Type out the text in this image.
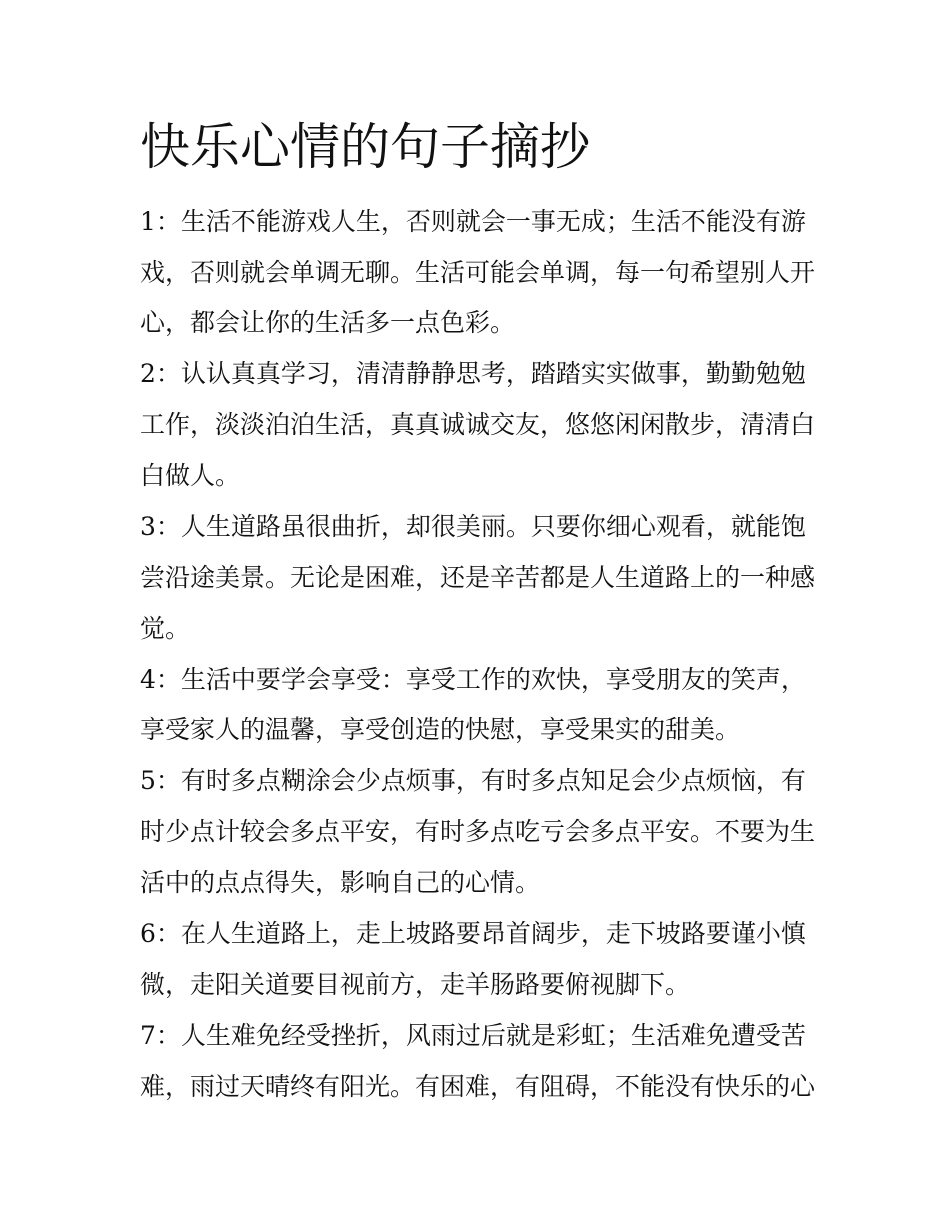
快乐心情的句子摘抄

1：生活不能游戏人生，否则就会一事无成；生活不能没有游

戏，否则就会单调无聊。生活可能会单调，每一句希望别人开

心，都会让你的生活多一点色彩。

2：认认真真学习，清清静静思考，踏踏实实做事，勤勤勉勉

工作，淡淡泊泊生活，真真诚诚交友，悠悠闲闲散步，清清白

白做人。

3：人生道路虽很曲折，却很美丽。只要你细心观看，就能饱

尝沿途美景。无论是困难，还是辛苦都是人生道路上的一种感

觉。

4：生活中要学会享受：享受工作的欢快，享受朋友的笑声，

享受家人的温馨，享受创造的快慰，享受果实的甜美。

5：有时多点糊涂会少点烦事，有时多点知足会少点烦恼，有

时少点计较会多点平安，有时多点吃亏会多点平安。不要为生

活中的点点得失，影响自己的心情。

6：在人生道路上，走上坡路要昂首阔步，走下坡路要谨小慎

微，走阳关道要目视前方，走羊肠路要俯视脚下。

7：人生难免经受挫折，风雨过后就是彩虹；生活难免遭受苦

难，雨过天晴终有阳光。有困难，有阻碍，不能没有快乐的心
